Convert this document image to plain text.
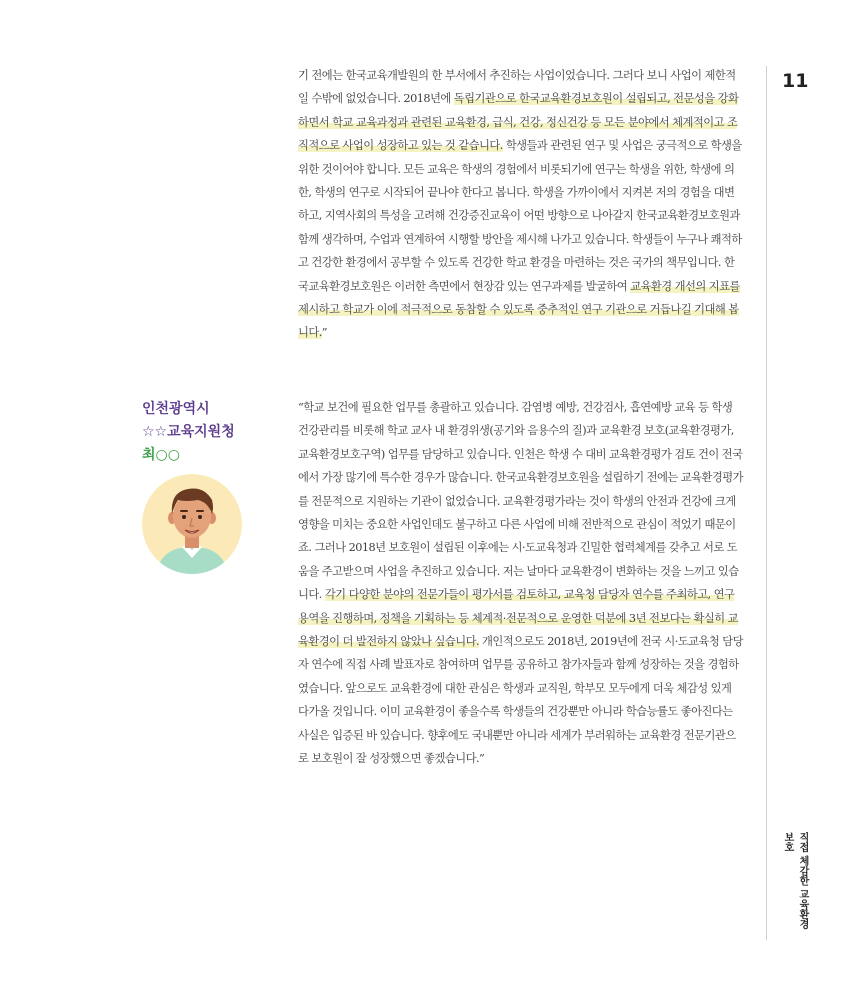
11
직접 체감한 교육환경 보호

기 전에는 한국교육개발원의 한 부서에서 추진하는 사업이었습니다. 그러다 보니 사업이 제한적일 수밖에 없었습니다. 2018년에 독립기관으로 한국교육환경보호원이 설립되고, 전문성을 강화하면서 학교 교육과정과 관련된 교육환경, 급식, 건강, 정신건강 등 모든 분야에서 체계적이고 조직적으로 사업이 성장하고 있는 것 같습니다. 학생들과 관련된 연구 및 사업은 궁극적으로 학생을 위한 것이어야 합니다. 모든 교육은 학생의 경험에서 비롯되기에 연구는 학생을 위한, 학생에 의한, 학생의 연구로 시작되어 끝나야 한다고 봅니다. 학생을 가까이에서 지켜본 저의 경험을 대변하고, 지역사회의 특성을 고려해 건강증진교육이 어떤 방향으로 나아갈지 한국교육환경보호원과 함께 생각하며, 수업과 연계하여 시행할 방안을 제시해 나가고 있습니다. 학생들이 누구나 쾌적하고 건강한 환경에서 공부할 수 있도록 건강한 학교 환경을 마련하는 것은 국가의 책무입니다. 한국교육환경보호원은 이러한 측면에서 현장감 있는 연구과제를 발굴하여 교육환경 개선의 지표를 제시하고 학교가 이에 적극적으로 동참할 수 있도록 중추적인 연구 기관으로 거듭나길 기대해 봅니다.”

인천광역시
☆☆교육지원청
최○○

“학교 보건에 필요한 업무를 총괄하고 있습니다. 감염병 예방, 건강검사, 흡연예방 교육 등 학생 건강관리를 비롯해 학교 교사 내 환경위생(공기와 음용수의 질)과 교육환경 보호(교육환경평가, 교육환경보호구역) 업무를 담당하고 있습니다. 인천은 학생 수 대비 교육환경평가 검토 건이 전국에서 가장 많기에 특수한 경우가 많습니다. 한국교육환경보호원을 설립하기 전에는 교육환경평가를 전문적으로 지원하는 기관이 없었습니다. 교육환경평가라는 것이 학생의 안전과 건강에 크게 영향을 미치는 중요한 사업인데도 불구하고 다른 사업에 비해 전반적으로 관심이 적었기 때문이죠. 그러나 2018년 보호원이 설립된 이후에는 시·도교육청과 긴밀한 협력체계를 갖추고 서로 도움을 주고받으며 사업을 추진하고 있습니다. 저는 날마다 교육환경이 변화하는 것을 느끼고 있습니다. 각기 다양한 분야의 전문가들이 평가서를 검토하고, 교육청 담당자 연수를 주최하고, 연구용역을 진행하며, 정책을 기획하는 등 체계적·전문적으로 운영한 덕분에 3년 전보다는 확실히 교육환경이 더 발전하지 않았나 싶습니다. 개인적으로도 2018년, 2019년에 전국 시·도교육청 담당자 연수에 직접 사례 발표자로 참여하며 업무를 공유하고 참가자들과 함께 성장하는 것을 경험하였습니다. 앞으로도 교육환경에 대한 관심은 학생과 교직원, 학부모 모두에게 더욱 체감성 있게 다가올 것입니다. 이미 교육환경이 좋을수록 학생들의 건강뿐만 아니라 학습능률도 좋아진다는 사실은 입증된 바 있습니다. 향후에도 국내뿐만 아니라 세계가 부러워하는 교육환경 전문기관으로 보호원이 잘 성장했으면 좋겠습니다.”
